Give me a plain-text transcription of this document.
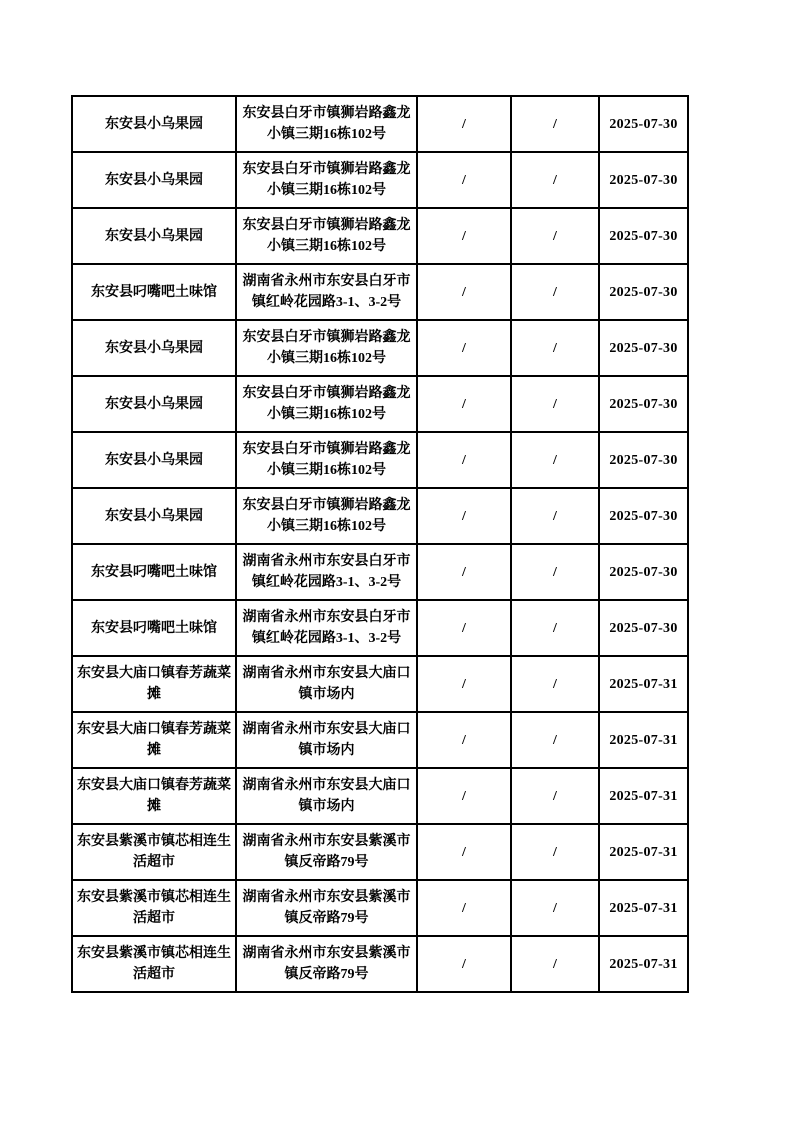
东安县小乌果园	东安县白牙市镇狮岩路鑫龙小镇三期16栋102号	/	/	2025-07-30
东安县小乌果园	东安县白牙市镇狮岩路鑫龙小镇三期16栋102号	/	/	2025-07-30
东安县小乌果园	东安县白牙市镇狮岩路鑫龙小镇三期16栋102号	/	/	2025-07-30
东安县叼嘴吧土味馆	湖南省永州市东安县白牙市镇红岭花园路3-1、3-2号	/	/	2025-07-30
东安县小乌果园	东安县白牙市镇狮岩路鑫龙小镇三期16栋102号	/	/	2025-07-30
东安县小乌果园	东安县白牙市镇狮岩路鑫龙小镇三期16栋102号	/	/	2025-07-30
东安县小乌果园	东安县白牙市镇狮岩路鑫龙小镇三期16栋102号	/	/	2025-07-30
东安县小乌果园	东安县白牙市镇狮岩路鑫龙小镇三期16栋102号	/	/	2025-07-30
东安县叼嘴吧土味馆	湖南省永州市东安县白牙市镇红岭花园路3-1、3-2号	/	/	2025-07-30
东安县叼嘴吧土味馆	湖南省永州市东安县白牙市镇红岭花园路3-1、3-2号	/	/	2025-07-30
东安县大庙口镇春芳蔬菜摊	湖南省永州市东安县大庙口镇市场内	/	/	2025-07-31
东安县大庙口镇春芳蔬菜摊	湖南省永州市东安县大庙口镇市场内	/	/	2025-07-31
东安县大庙口镇春芳蔬菜摊	湖南省永州市东安县大庙口镇市场内	/	/	2025-07-31
东安县紫溪市镇芯相连生活超市	湖南省永州市东安县紫溪市镇反帝路79号	/	/	2025-07-31
东安县紫溪市镇芯相连生活超市	湖南省永州市东安县紫溪市镇反帝路79号	/	/	2025-07-31
东安县紫溪市镇芯相连生活超市	湖南省永州市东安县紫溪市镇反帝路79号	/	/	2025-07-31
